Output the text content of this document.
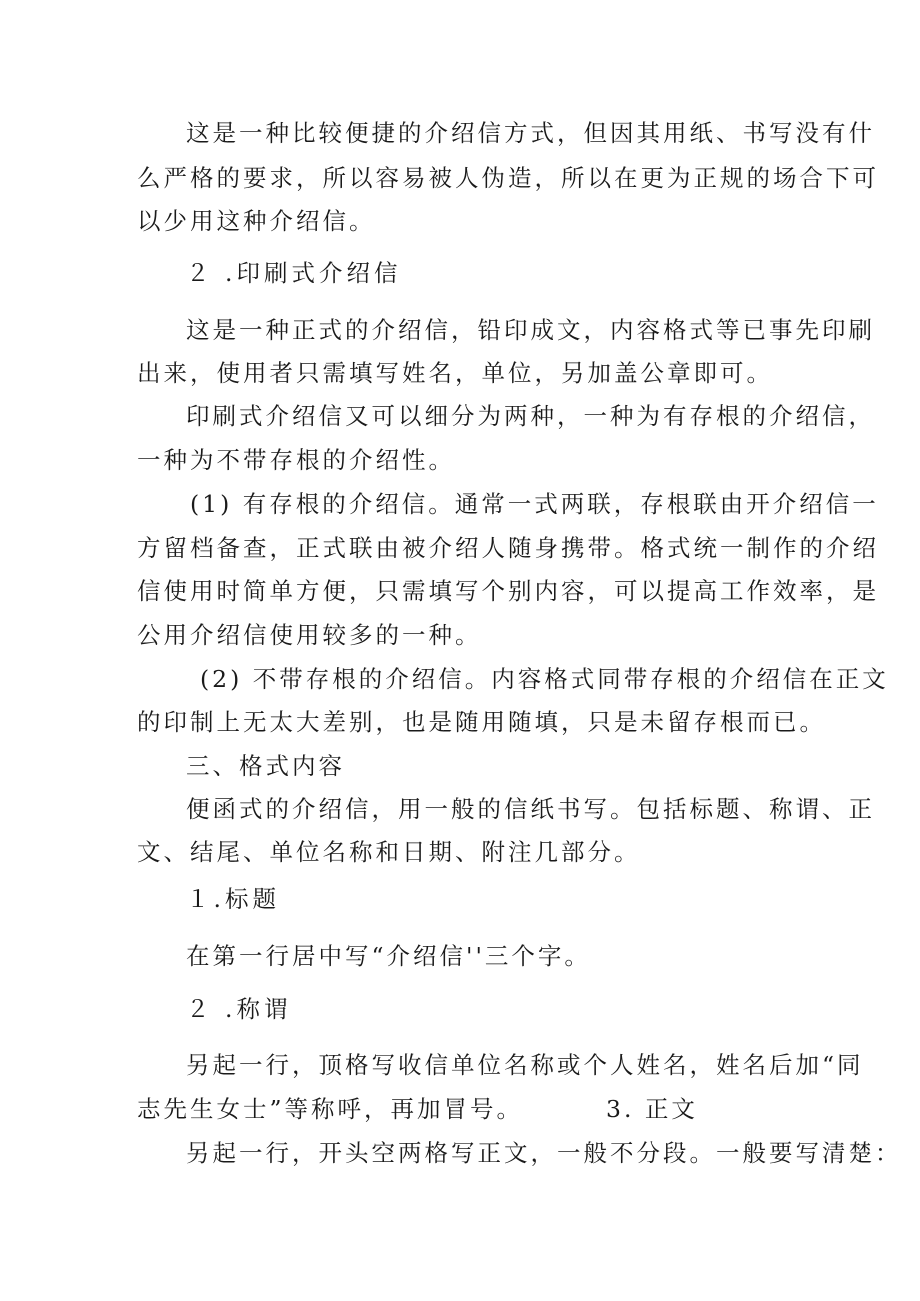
这是一种比较便捷的介绍信方式，但因其用纸、书写没有什
么严格的要求，所以容易被人伪造，所以在更为正规的场合下可
以少用这种介绍信。
２ .印刷式介绍信
这是一种正式的介绍信，铅印成文，内容格式等已事先印刷
出来，使用者只需填写姓名，单位，另加盖公章即可。
印刷式介绍信又可以细分为两种，一种为有存根的介绍信，
一种为不带存根的介绍性。
(1) 有存根的介绍信。通常一式两联，存根联由开介绍信一
方留档备查，正式联由被介绍人随身携带。格式统一制作的介绍
信使用时简单方便，只需填写个别内容，可以提高工作效率，是
公用介绍信使用较多的一种。
(2) 不带存根的介绍信。内容格式同带存根的介绍信在正文
的印制上无太大差别，也是随用随填，只是未留存根而已。
三、格式内容
便函式的介绍信，用一般的信纸书写。包括标题、称谓、正
文、结尾、单位名称和日期、附注几部分。
１.标题
在第一行居中写“介绍信''三个字。
２ .称谓
另起一行，顶格写收信单位名称或个人姓名，姓名后加“同
志先生女士”等称呼，再加冒号。	3. 正文
另起一行，开头空两格写正文，一般不分段。一般要写清楚：
